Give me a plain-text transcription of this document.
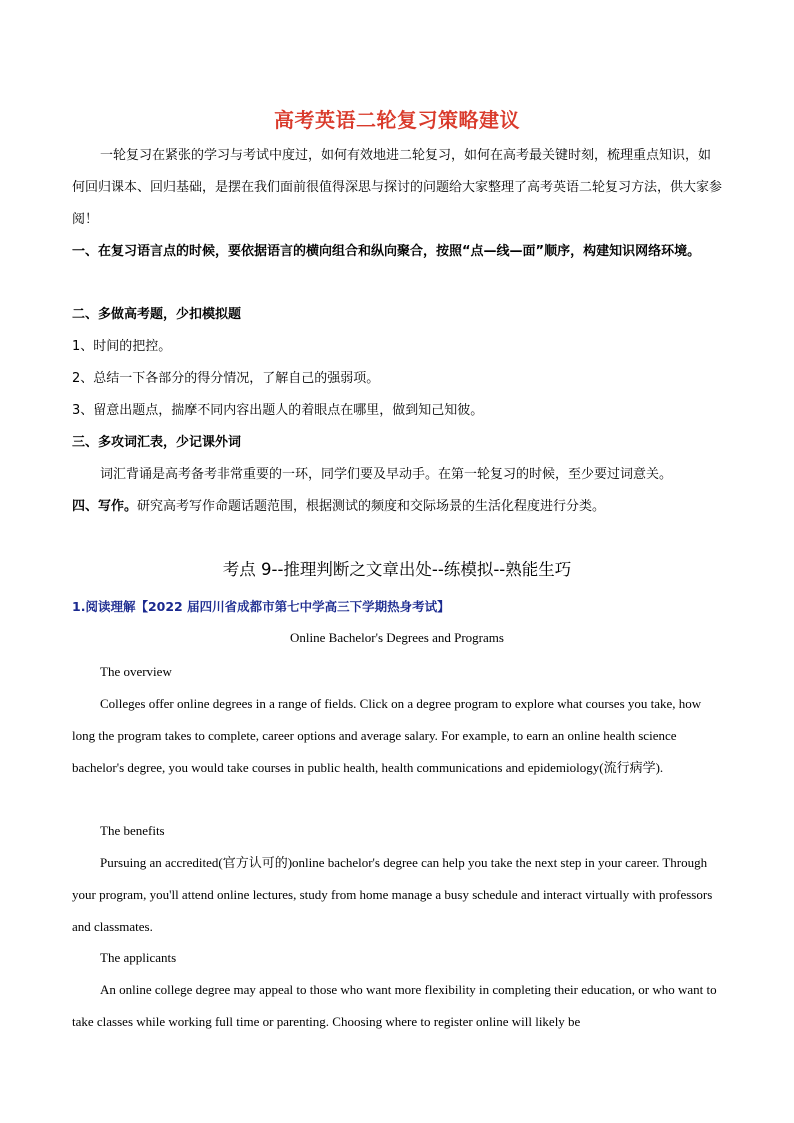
高考英语二轮复习策略建议
一轮复习在紧张的学习与考试中度过，如何有效地进二轮复习，如何在高考最关键时刻，梳理重点知识，如何回归课本、回归基础，是摆在我们面前很值得深思与探讨的问题给大家整理了高考英语二轮复习方法，供大家参阅！
一、在复习语言点的时候，要依据语言的横向组合和纵向聚合，按照“点—线—面”顺序，构建知识网络环境。
二、多做高考题，少扣模拟题
1、时间的把控。
2、总结一下各部分的得分情况，了解自己的强弱项。
3、留意出题点，揣摩不同内容出题人的着眼点在哪里，做到知己知彼。
三、多攻词汇表，少记课外词
词汇背诵是高考备考非常重要的一环，同学们要及早动手。在第一轮复习的时候，至少要过词意关。
四、写作。研究高考写作命题话题范围，根据测试的频度和交际场景的生活化程度进行分类。
考点 9--推理判断之文章出处--练模拟--熟能生巧
1.阅读理解【2022 届四川省成都市第七中学高三下学期热身考试】
Online Bachelor's Degrees and Programs
The overview
Colleges offer online degrees in a range of fields. Click on a degree program to explore what courses you take, how long the program takes to complete, career options and average salary. For example, to earn an online health science bachelor's degree, you would take courses in public health, health communications and epidemiology(流行病学).
The benefits
Pursuing an accredited(官方认可的)online bachelor's degree can help you take the next step in your career. Through your program, you'll attend online lectures, study from home manage a busy schedule and interact virtually with professors and classmates.
The applicants
An online college degree may appeal to those who want more flexibility in completing their education, or who want to take classes while working full time or parenting. Choosing where to register online will likely be
